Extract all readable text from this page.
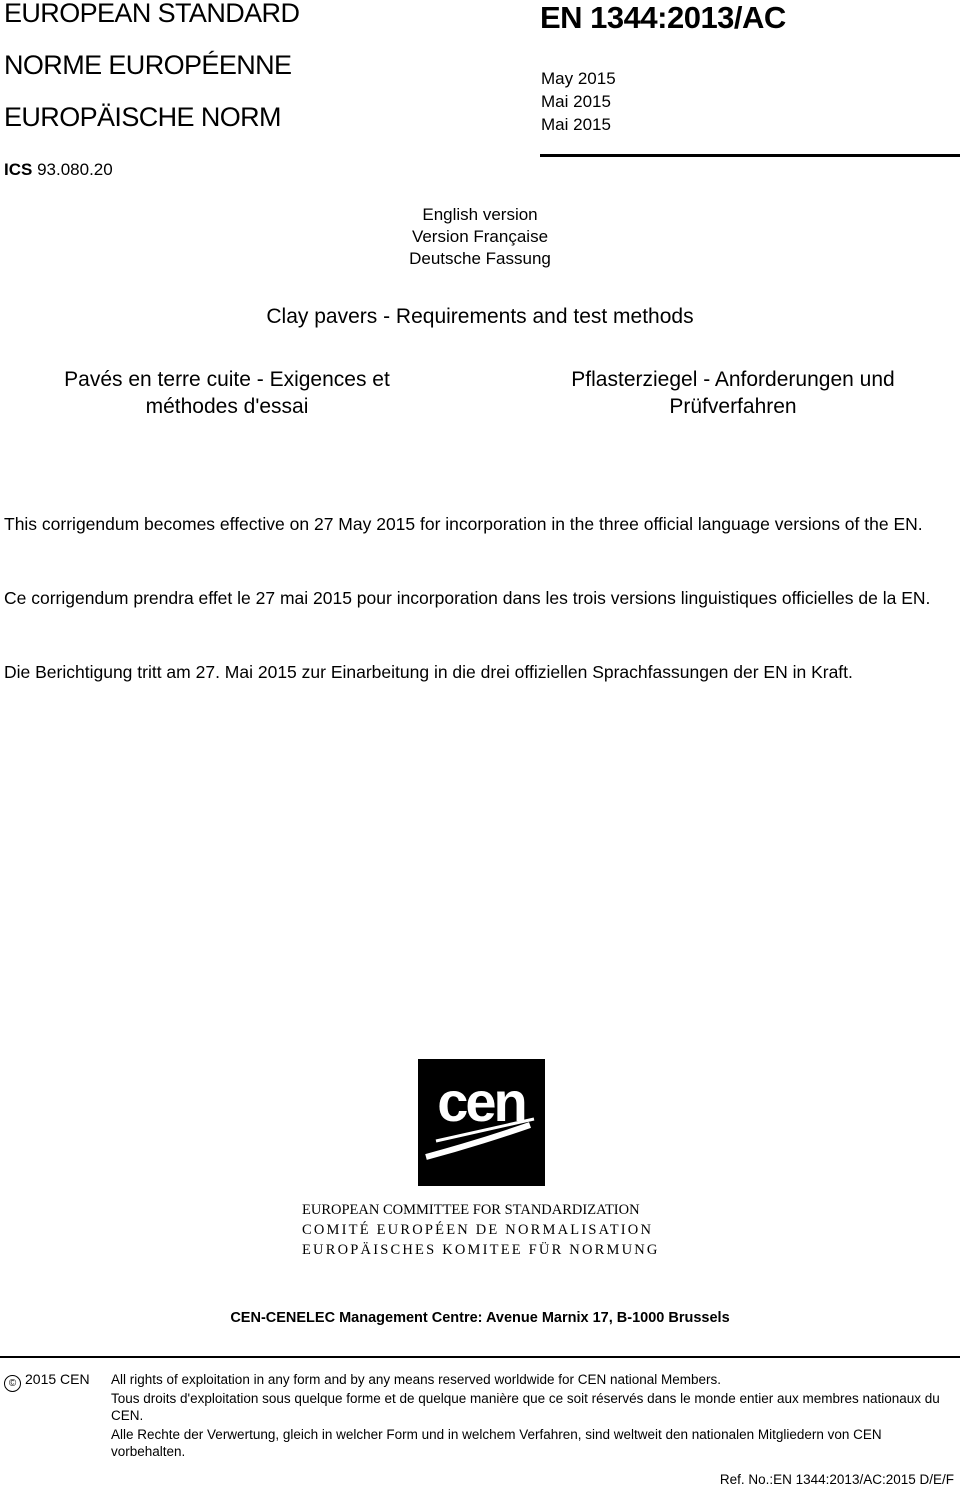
EUROPEAN STANDARD
NORME EUROPÉENNE
EUROPÄISCHE NORM
EN 1344:2013/AC
May 2015
Mai 2015
Mai 2015
ICS 93.080.20
English version
Version Française
Deutsche Fassung
Clay pavers - Requirements and test methods
Pavés en terre cuite - Exigences et méthodes d'essai
Pflasterziegel - Anforderungen und Prüfverfahren
This corrigendum becomes effective on 27 May 2015 for incorporation in the three official language versions of the EN.
Ce corrigendum prendra effet le 27 mai 2015 pour incorporation dans les trois versions linguistiques officielles de la EN.
Die Berichtigung tritt am 27. Mai 2015 zur Einarbeitung in die drei offiziellen Sprachfassungen der EN in Kraft.
cen
EUROPEAN COMMITTEE FOR STANDARDIZATION
COMITÉ EUROPÉEN DE NORMALISATION
EUROPÄISCHES KOMITEE FÜR NORMUNG
CEN-CENELEC Management Centre: Avenue Marnix 17, B-1000 Brussels
© 2015 CEN All rights of exploitation in any form and by any means reserved worldwide for CEN national Members.
Tous droits d'exploitation sous quelque forme et de quelque manière que ce soit réservés dans le monde entier aux membres nationaux du CEN.
Alle Rechte der Verwertung, gleich in welcher Form und in welchem Verfahren, sind weltweit den nationalen Mitgliedern von CEN vorbehalten.
Ref. No.:EN 1344:2013/AC:2015 D/E/F
